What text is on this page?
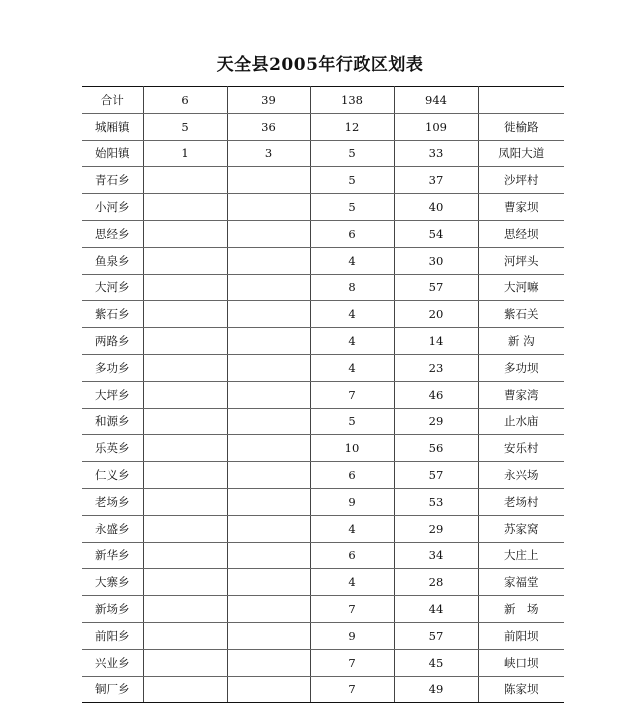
天全县2005年行政区划表
合计	6	39	138	944	
城厢镇	5	36	12	109	徙榆路
始阳镇	1	3	5	33	凤阳大道
青石乡			5	37	沙坪村
小河乡			5	40	曹家坝
思经乡			6	54	思经坝
鱼泉乡			4	30	河坪头
大河乡			8	57	大河嘛
紫石乡			4	20	紫石关
两路乡			4	14	新 沟
多功乡			4	23	多功坝
大坪乡			7	46	曹家湾
和源乡			5	29	止水庙
乐英乡			10	56	安乐村
仁义乡			6	57	永兴场
老场乡			9	53	老场村
永盛乡			4	29	苏家窝
新华乡			6	34	大庄上
大寨乡			4	28	家福堂
新场乡			7	44	新　场
前阳乡			9	57	前阳坝
兴业乡			7	45	峡口坝
铜厂乡			7	49	陈家坝
